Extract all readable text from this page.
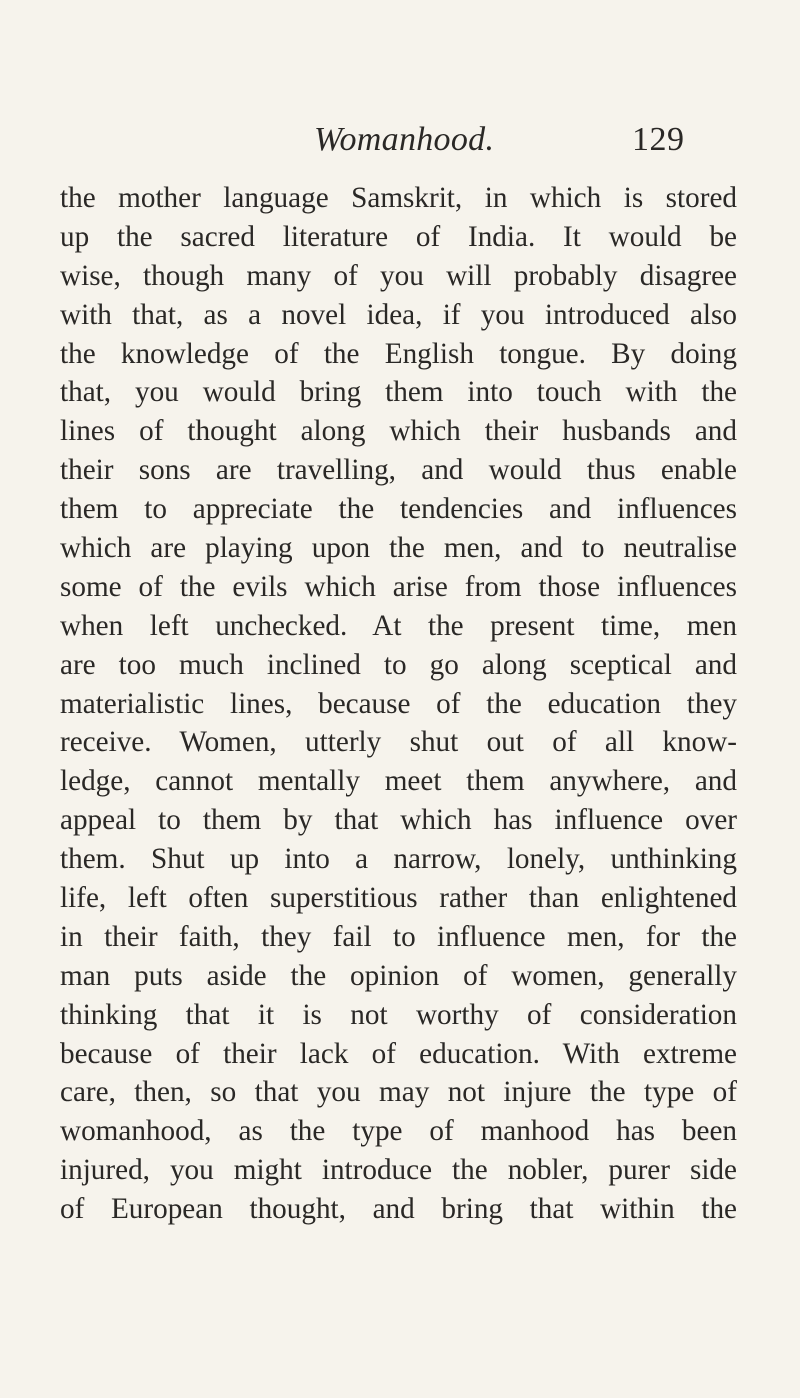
Womanhood.	129
the mother language Samskrit, in which is stored
up the sacred literature of India. It would be
wise, though many of you will probably disagree
with that, as a novel idea, if you introduced also
the knowledge of the English tongue. By doing
that, you would bring them into touch with the
lines of thought along which their husbands and
their sons are travelling, and would thus enable
them to appreciate the tendencies and influences
which are playing upon the men, and to neutralise
some of the evils which arise from those influences
when left unchecked. At the present time, men
are too much inclined to go along sceptical and
materialistic lines, because of the education they
receive. Women, utterly shut out of all know-
ledge, cannot mentally meet them anywhere, and
appeal to them by that which has influence over
them. Shut up into a narrow, lonely, unthinking
life, left often superstitious rather than enlightened
in their faith, they fail to influence men, for the
man puts aside the opinion of women, generally
thinking that it is not worthy of consideration
because of their lack of education. With extreme
care, then, so that you may not injure the type of
womanhood, as the type of manhood has been
injured, you might introduce the nobler, purer side
of European thought, and bring that within the
